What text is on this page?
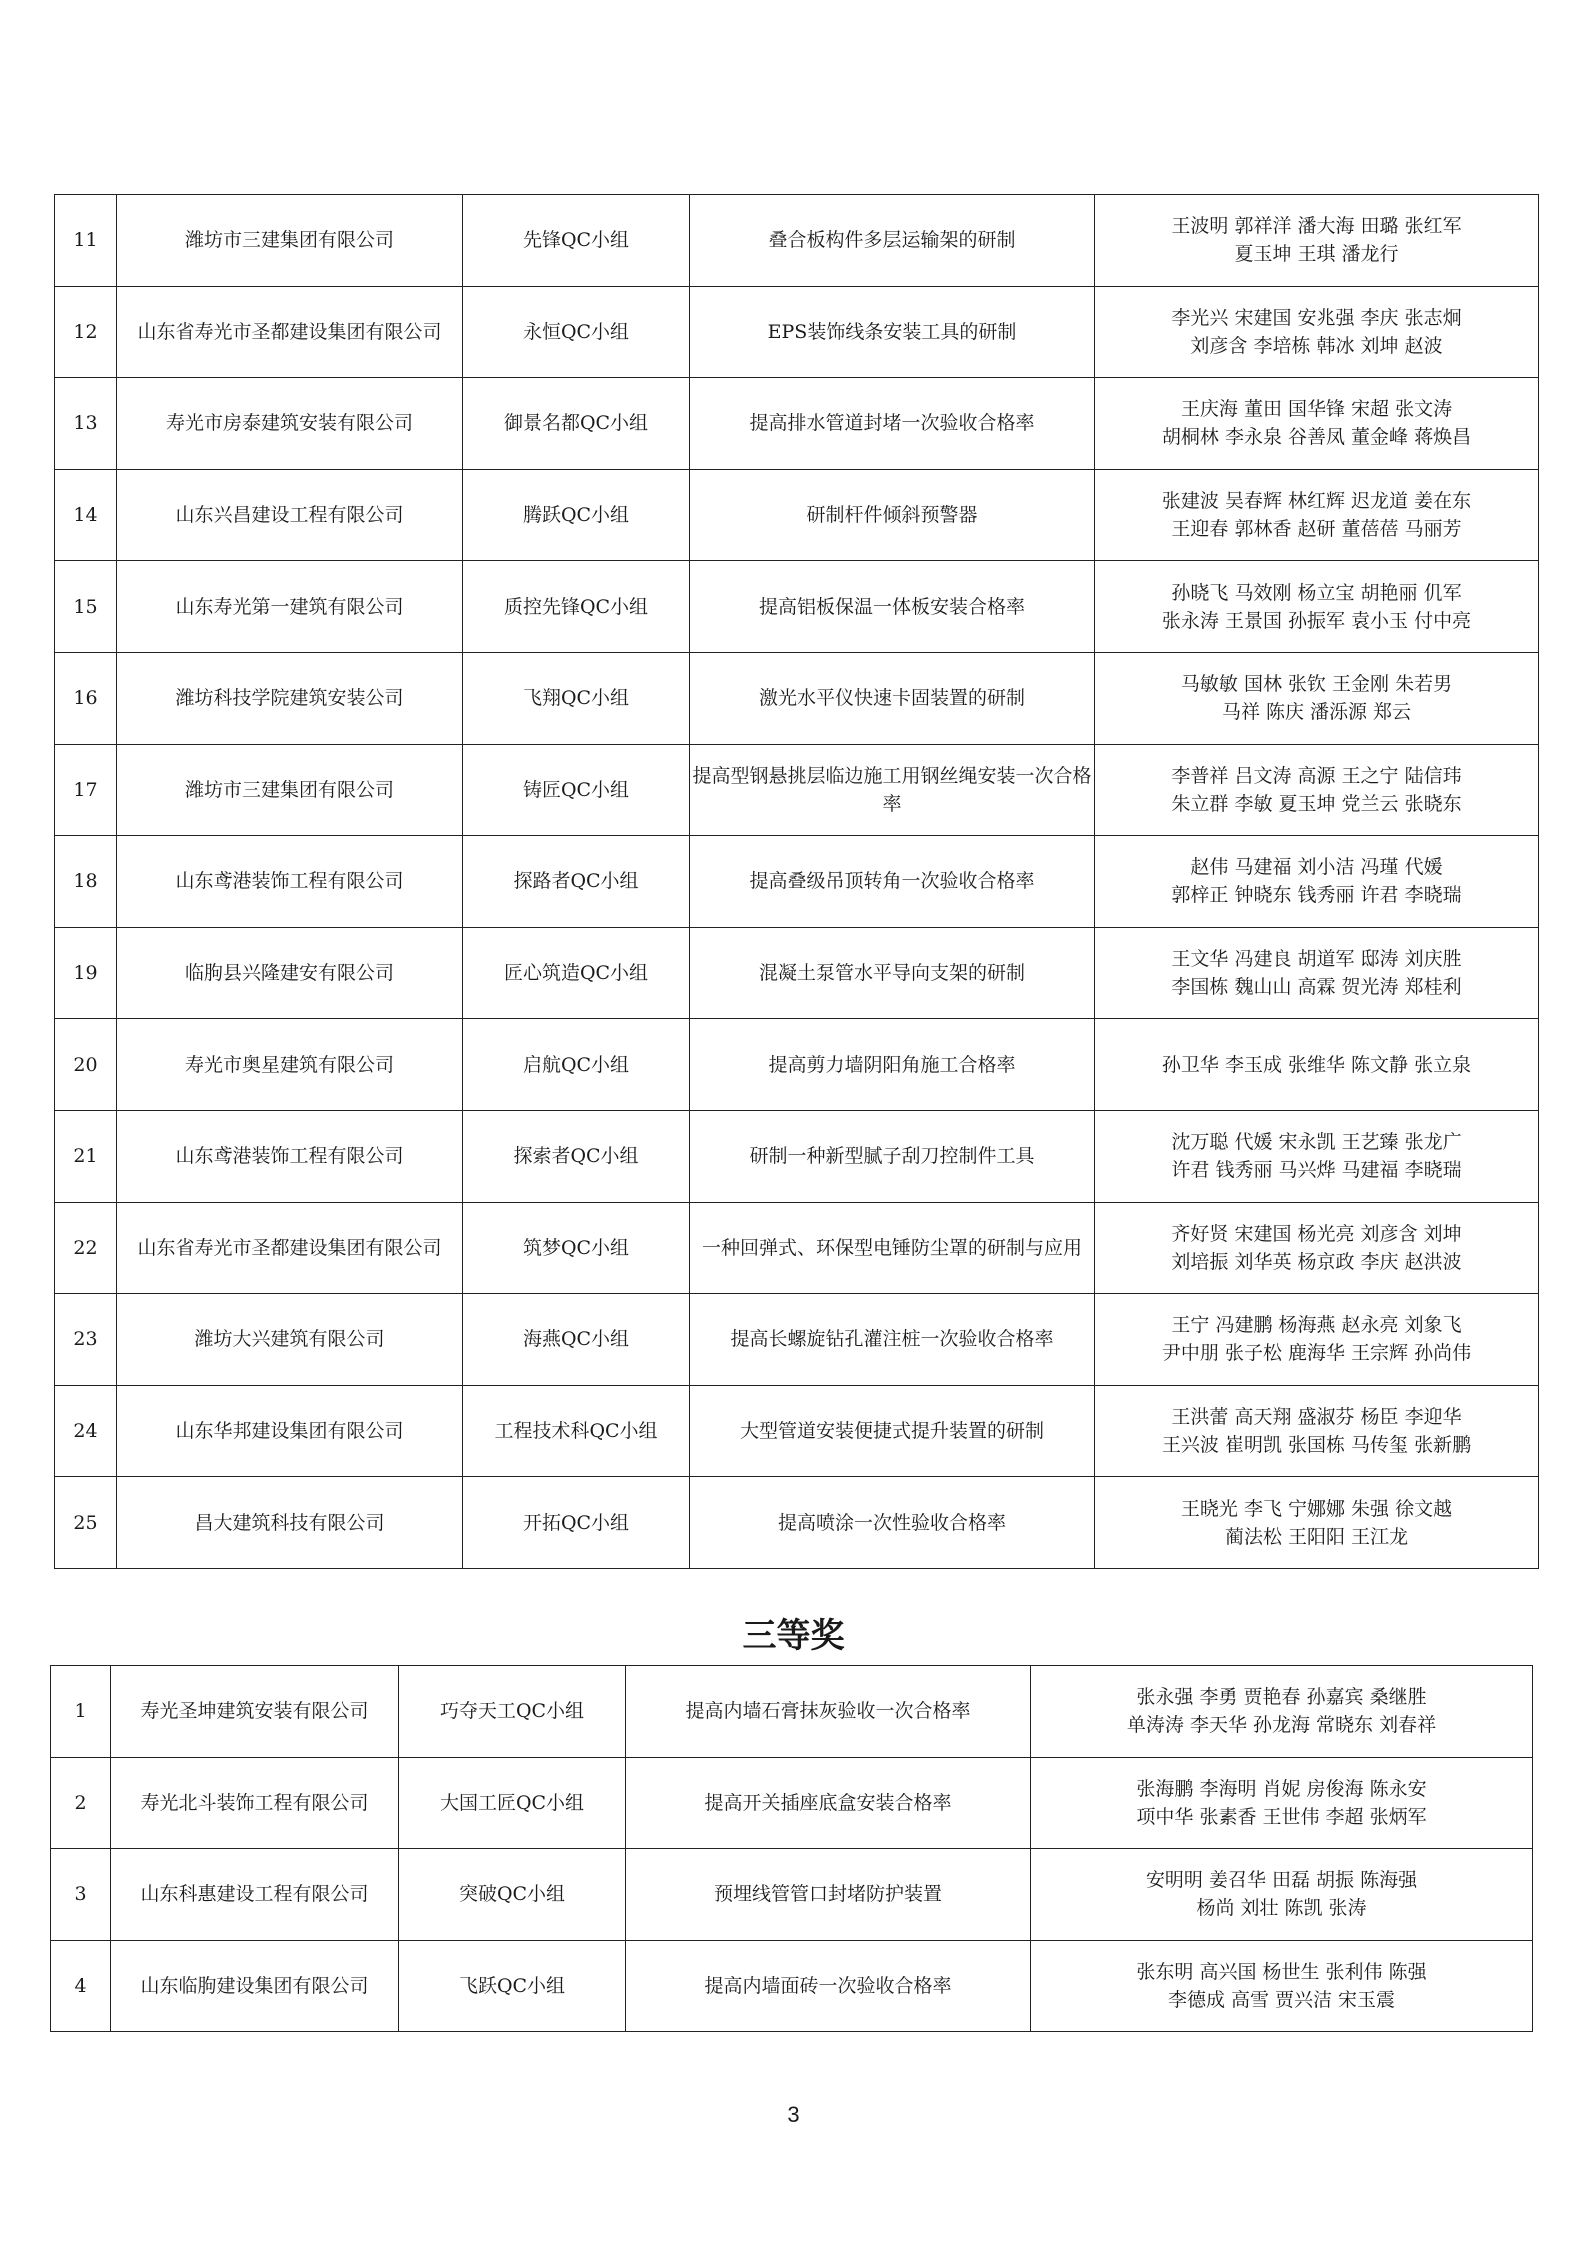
11	潍坊市三建集团有限公司	先锋QC小组	叠合板构件多层运输架的研制	王波明 郭祥洋 潘大海 田璐 张红军
夏玉坤 王琪 潘龙行

12	山东省寿光市圣都建设集团有限公司	永恒QC小组	EPS装饰线条安装工具的研制	李光兴 宋建国 安兆强 李庆 张志炯
刘彦含 李培栋 韩冰 刘坤 赵波

13	寿光市房泰建筑安装有限公司	御景名都QC小组	提高排水管道封堵一次验收合格率	王庆海 董田 国华锋 宋超 张文涛
胡桐林 李永泉 谷善凤 董金峰 蒋焕昌

14	山东兴昌建设工程有限公司	腾跃QC小组	研制杆件倾斜预警器	张建波 吴春辉 林红辉 迟龙道 姜在东
王迎春 郭林香 赵研 董蓓蓓 马丽芳

15	山东寿光第一建筑有限公司	质控先锋QC小组	提高铝板保温一体板安装合格率	孙晓飞 马效刚 杨立宝 胡艳丽 仉军
张永涛 王景国 孙振军 袁小玉 付中亮

16	潍坊科技学院建筑安装公司	飞翔QC小组	激光水平仪快速卡固装置的研制	马敏敏 国林 张钦 王金刚 朱若男
马祥 陈庆 潘泺源 郑云

17	潍坊市三建集团有限公司	铸匠QC小组	提高型钢悬挑层临边施工用钢丝绳安装一次合格率	李普祥 吕文涛 高源 王之宁 陆信玮
朱立群 李敏 夏玉坤 党兰云 张晓东

18	山东鸢港装饰工程有限公司	探路者QC小组	提高叠级吊顶转角一次验收合格率	赵伟 马建福 刘小洁 冯瑾 代媛
郭梓正 钟晓东 钱秀丽 许君 李晓瑞

19	临朐县兴隆建安有限公司	匠心筑造QC小组	混凝土泵管水平导向支架的研制	王文华 冯建良 胡道军 邸涛 刘庆胜
李国栋 魏山山 高霖 贺光涛 郑桂利

20	寿光市奥星建筑有限公司	启航QC小组	提高剪力墙阴阳角施工合格率	孙卫华 李玉成 张维华 陈文静 张立泉

21	山东鸢港装饰工程有限公司	探索者QC小组	研制一种新型腻子刮刀控制件工具	沈万聪 代媛 宋永凯 王艺臻 张龙广
许君 钱秀丽 马兴烨 马建福 李晓瑞

22	山东省寿光市圣都建设集团有限公司	筑梦QC小组	一种回弹式、环保型电锤防尘罩的研制与应用	齐好贤 宋建国 杨光亮 刘彦含 刘坤
刘培振 刘华英 杨京政 李庆 赵洪波

23	潍坊大兴建筑有限公司	海燕QC小组	提高长螺旋钻孔灌注桩一次验收合格率	王宁 冯建鹏 杨海燕 赵永亮 刘象飞
尹中朋 张子松 鹿海华 王宗辉 孙尚伟

24	山东华邦建设集团有限公司	工程技术科QC小组	大型管道安装便捷式提升装置的研制	王洪蕾 高天翔 盛淑芬 杨臣 李迎华
王兴波 崔明凯 张国栋 马传玺 张新鹏

25	昌大建筑科技有限公司	开拓QC小组	提高喷涂一次性验收合格率	王晓光 李飞 宁娜娜 朱强 徐文越
蔺法松 王阳阳 王江龙
三等奖
1	寿光圣坤建筑安装有限公司	巧夺天工QC小组	提高内墙石膏抹灰验收一次合格率	张永强 李勇 贾艳春 孙嘉宾 桑继胜
单涛涛 李天华 孙龙海 常晓东 刘春祥

2	寿光北斗装饰工程有限公司	大国工匠QC小组	提高开关插座底盒安装合格率	张海鹏 李海明 肖妮 房俊海 陈永安
项中华 张素香 王世伟 李超 张炳军

3	山东科惠建设工程有限公司	突破QC小组	预埋线管管口封堵防护装置	安明明 姜召华 田磊 胡振 陈海强
杨尚 刘壮 陈凯 张涛

4	山东临朐建设集团有限公司	飞跃QC小组	提高内墙面砖一次验收合格率	张东明 高兴国 杨世生 张利伟 陈强
李德成 高雪 贾兴洁 宋玉震
3
